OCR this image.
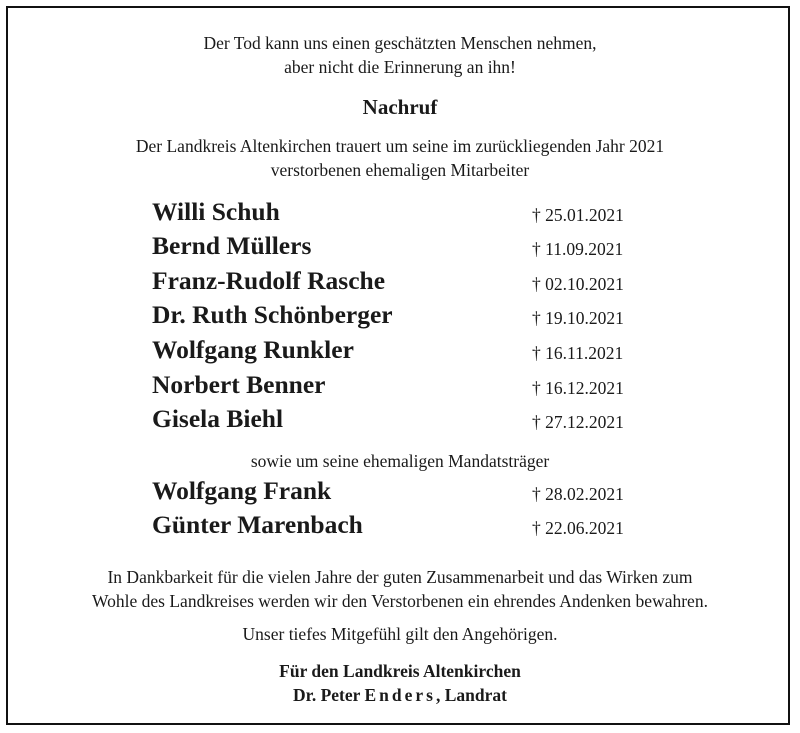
Der Tod kann uns einen geschätzten Menschen nehmen,
aber nicht die Erinnerung an ihn!
Nachruf
Der Landkreis Altenkirchen trauert um seine im zurückliegenden Jahr 2021
verstorbenen ehemaligen Mitarbeiter
Willi Schuh	† 25.01.2021
Bernd Müllers	† 11.09.2021
Franz-Rudolf Rasche	† 02.10.2021
Dr. Ruth Schönberger	† 19.10.2021
Wolfgang Runkler	† 16.11.2021
Norbert Benner	† 16.12.2021
Gisela Biehl	† 27.12.2021
sowie um seine ehemaligen Mandatsträger
Wolfgang Frank	† 28.02.2021
Günter Marenbach	† 22.06.2021
In Dankbarkeit für die vielen Jahre der guten Zusammenarbeit und das Wirken zum
Wohle des Landkreises werden wir den Verstorbenen ein ehrendes Andenken bewahren.
Unser tiefes Mitgefühl gilt den Angehörigen.
Für den Landkreis Altenkirchen
Dr. Peter Enders, Landrat
